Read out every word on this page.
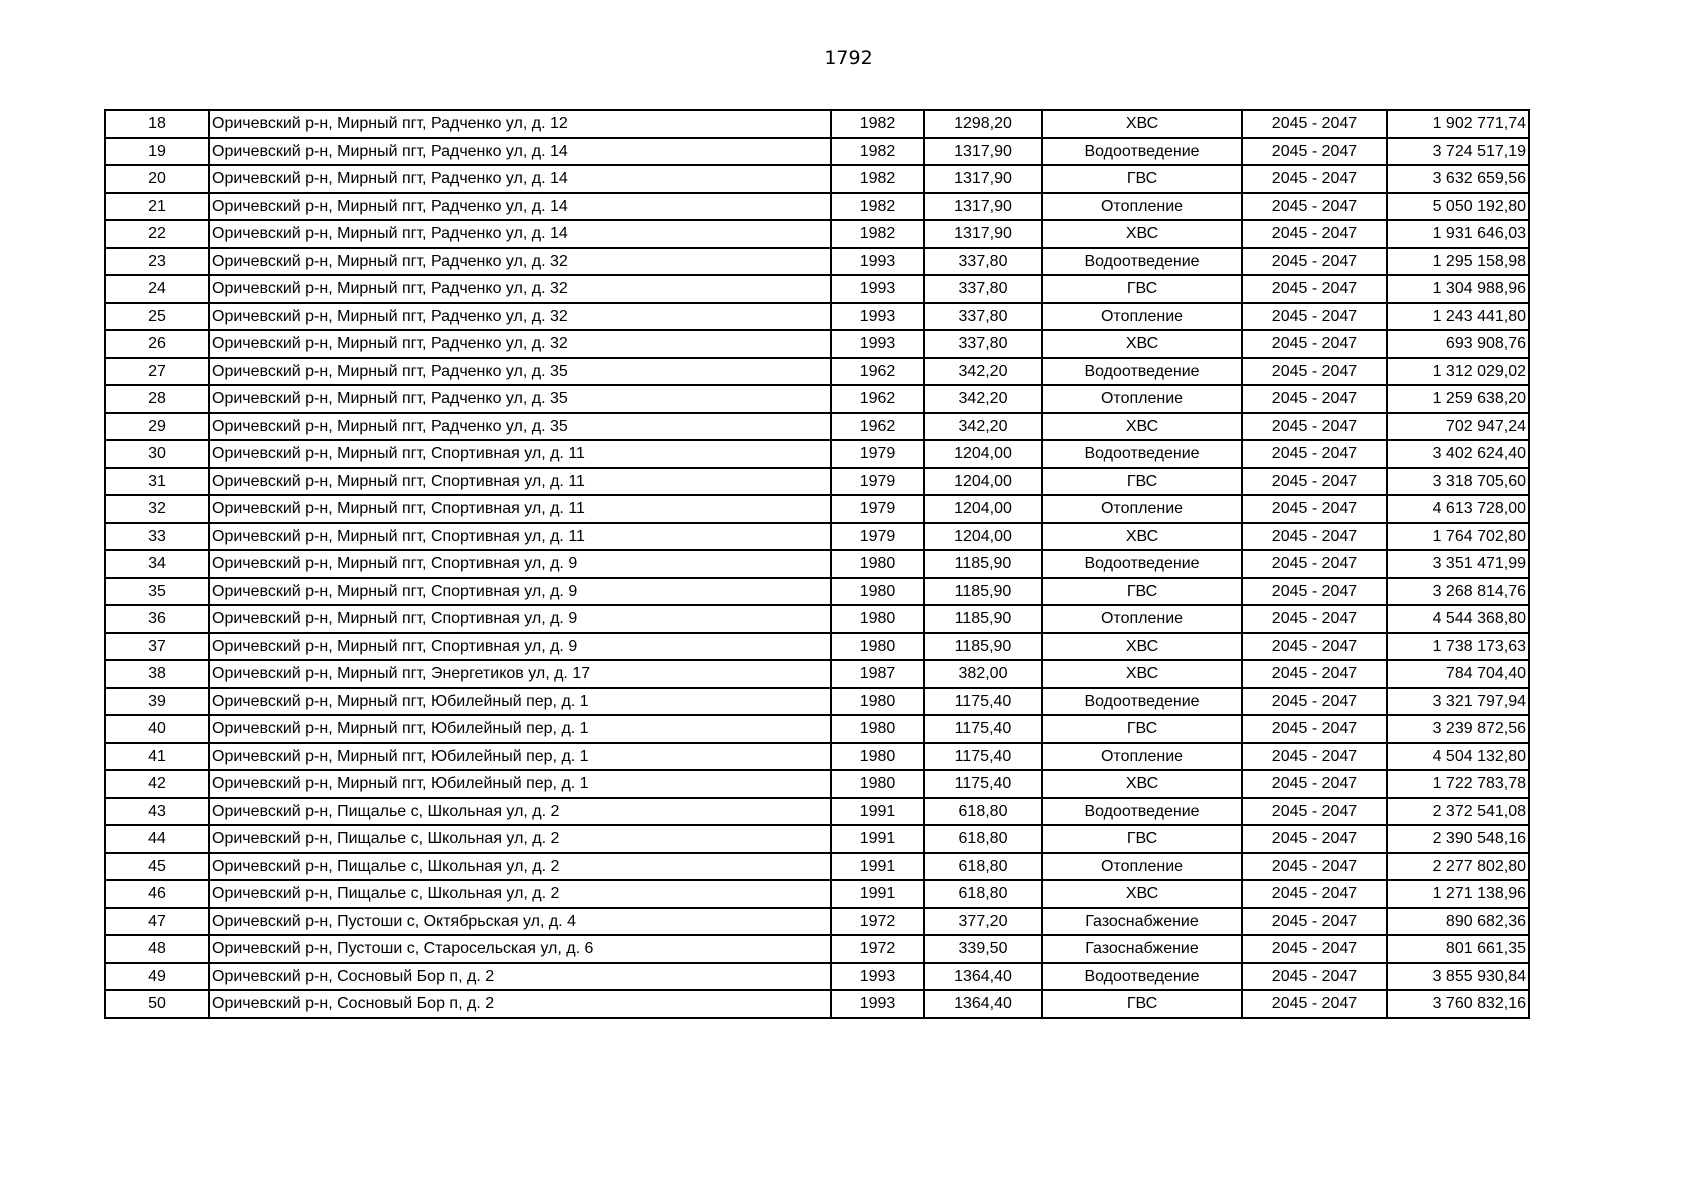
1792
18	Оричевский р-н, Мирный пгт, Радченко ул, д. 12	1982	1298,20	ХВС	2045 - 2047	1 902 771,74
19	Оричевский р-н, Мирный пгт, Радченко ул, д. 14	1982	1317,90	Водоотведение	2045 - 2047	3 724 517,19
20	Оричевский р-н, Мирный пгт, Радченко ул, д. 14	1982	1317,90	ГВС	2045 - 2047	3 632 659,56
21	Оричевский р-н, Мирный пгт, Радченко ул, д. 14	1982	1317,90	Отопление	2045 - 2047	5 050 192,80
22	Оричевский р-н, Мирный пгт, Радченко ул, д. 14	1982	1317,90	ХВС	2045 - 2047	1 931 646,03
23	Оричевский р-н, Мирный пгт, Радченко ул, д. 32	1993	337,80	Водоотведение	2045 - 2047	1 295 158,98
24	Оричевский р-н, Мирный пгт, Радченко ул, д. 32	1993	337,80	ГВС	2045 - 2047	1 304 988,96
25	Оричевский р-н, Мирный пгт, Радченко ул, д. 32	1993	337,80	Отопление	2045 - 2047	1 243 441,80
26	Оричевский р-н, Мирный пгт, Радченко ул, д. 32	1993	337,80	ХВС	2045 - 2047	693 908,76
27	Оричевский р-н, Мирный пгт, Радченко ул, д. 35	1962	342,20	Водоотведение	2045 - 2047	1 312 029,02
28	Оричевский р-н, Мирный пгт, Радченко ул, д. 35	1962	342,20	Отопление	2045 - 2047	1 259 638,20
29	Оричевский р-н, Мирный пгт, Радченко ул, д. 35	1962	342,20	ХВС	2045 - 2047	702 947,24
30	Оричевский р-н, Мирный пгт, Спортивная ул, д. 11	1979	1204,00	Водоотведение	2045 - 2047	3 402 624,40
31	Оричевский р-н, Мирный пгт, Спортивная ул, д. 11	1979	1204,00	ГВС	2045 - 2047	3 318 705,60
32	Оричевский р-н, Мирный пгт, Спортивная ул, д. 11	1979	1204,00	Отопление	2045 - 2047	4 613 728,00
33	Оричевский р-н, Мирный пгт, Спортивная ул, д. 11	1979	1204,00	ХВС	2045 - 2047	1 764 702,80
34	Оричевский р-н, Мирный пгт, Спортивная ул, д. 9	1980	1185,90	Водоотведение	2045 - 2047	3 351 471,99
35	Оричевский р-н, Мирный пгт, Спортивная ул, д. 9	1980	1185,90	ГВС	2045 - 2047	3 268 814,76
36	Оричевский р-н, Мирный пгт, Спортивная ул, д. 9	1980	1185,90	Отопление	2045 - 2047	4 544 368,80
37	Оричевский р-н, Мирный пгт, Спортивная ул, д. 9	1980	1185,90	ХВС	2045 - 2047	1 738 173,63
38	Оричевский р-н, Мирный пгт, Энергетиков ул, д. 17	1987	382,00	ХВС	2045 - 2047	784 704,40
39	Оричевский р-н, Мирный пгт, Юбилейный пер, д. 1	1980	1175,40	Водоотведение	2045 - 2047	3 321 797,94
40	Оричевский р-н, Мирный пгт, Юбилейный пер, д. 1	1980	1175,40	ГВС	2045 - 2047	3 239 872,56
41	Оричевский р-н, Мирный пгт, Юбилейный пер, д. 1	1980	1175,40	Отопление	2045 - 2047	4 504 132,80
42	Оричевский р-н, Мирный пгт, Юбилейный пер, д. 1	1980	1175,40	ХВС	2045 - 2047	1 722 783,78
43	Оричевский р-н, Пищалье с, Школьная ул, д. 2	1991	618,80	Водоотведение	2045 - 2047	2 372 541,08
44	Оричевский р-н, Пищалье с, Школьная ул, д. 2	1991	618,80	ГВС	2045 - 2047	2 390 548,16
45	Оричевский р-н, Пищалье с, Школьная ул, д. 2	1991	618,80	Отопление	2045 - 2047	2 277 802,80
46	Оричевский р-н, Пищалье с, Школьная ул, д. 2	1991	618,80	ХВС	2045 - 2047	1 271 138,96
47	Оричевский р-н, Пустоши с, Октябрьская ул, д. 4	1972	377,20	Газоснабжение	2045 - 2047	890 682,36
48	Оричевский р-н, Пустоши с, Старосельская ул, д. 6	1972	339,50	Газоснабжение	2045 - 2047	801 661,35
49	Оричевский р-н, Сосновый Бор п, д. 2	1993	1364,40	Водоотведение	2045 - 2047	3 855 930,84
50	Оричевский р-н, Сосновый Бор п, д. 2	1993	1364,40	ГВС	2045 - 2047	3 760 832,16
